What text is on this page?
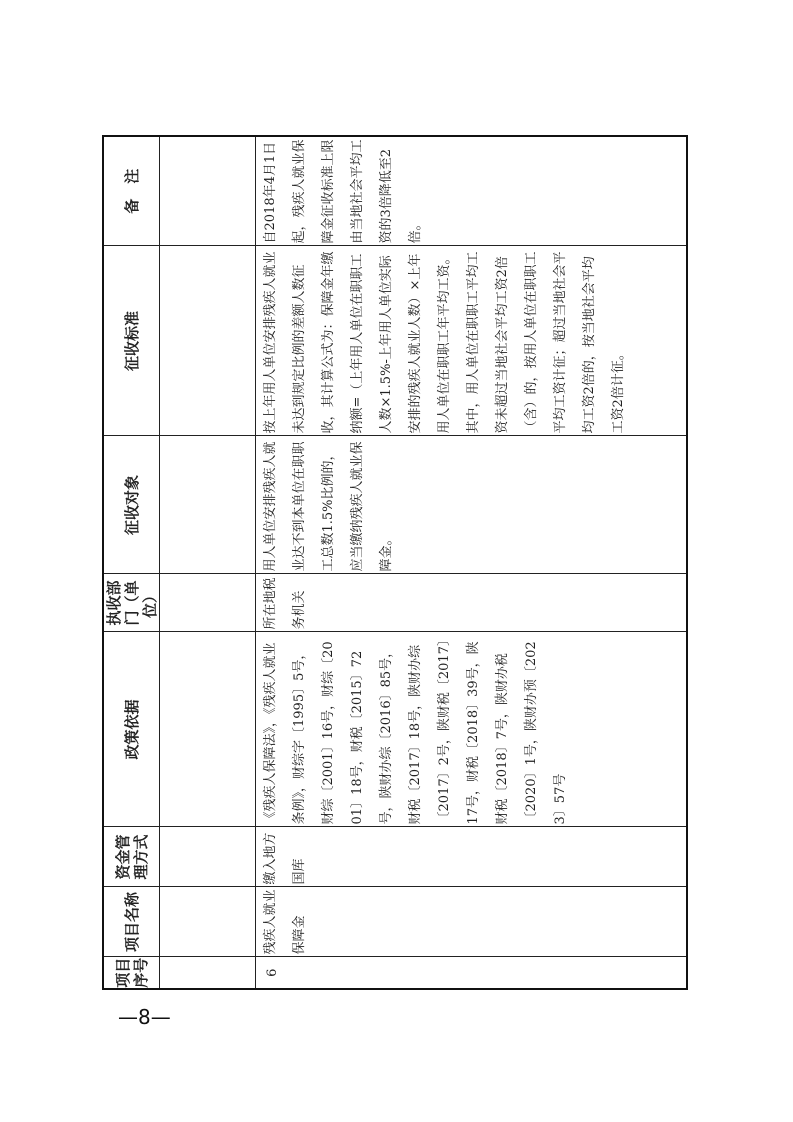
—8—
项目序号	项目名称	资金管理方式	政策依据	执收部门（单位）	征收对象	征收标准	备　注

6	残疾人就业保障金	缴入地方国库	《残疾人保障法》，《残疾人就业条例》，财综字〔1995〕5号，财综〔2001〕16号，财综〔2001〕18号，财税〔2015〕72号，陕财办综〔2016〕85号，财税〔2017〕18号，陕财办综〔2017〕2号，陕财税〔2017〕17号，财税〔2018〕39号，陕财税〔2018〕7号，陕财办税〔2020〕1号，陕财办预〔2023〕57号	所在地税务机关	用人单位安排残疾人就业达不到本单位在职职工总数1.5%比例的，应当缴纳残疾人就业保障金。	按上年用人单位安排残疾人就业未达到规定比例的差额人数征收，其计算公式为：保障金年缴纳额=（上年用人单位在职职工人数×1.5%-上年用人单位实际安排的残疾人就业人数）×上年用人单位在职职工年平均工资。其中，用人单位在职职工平均工资未超过当地社会平均工资2倍（含）的，按用人单位在职职工平均工资计征；超过当地社会平均工资2倍的，按当地社会平均工资2倍计征。	自2018年4月1日起，残疾人就业保障金征收标准上限由当地社会平均工资的3倍降低至2倍。
